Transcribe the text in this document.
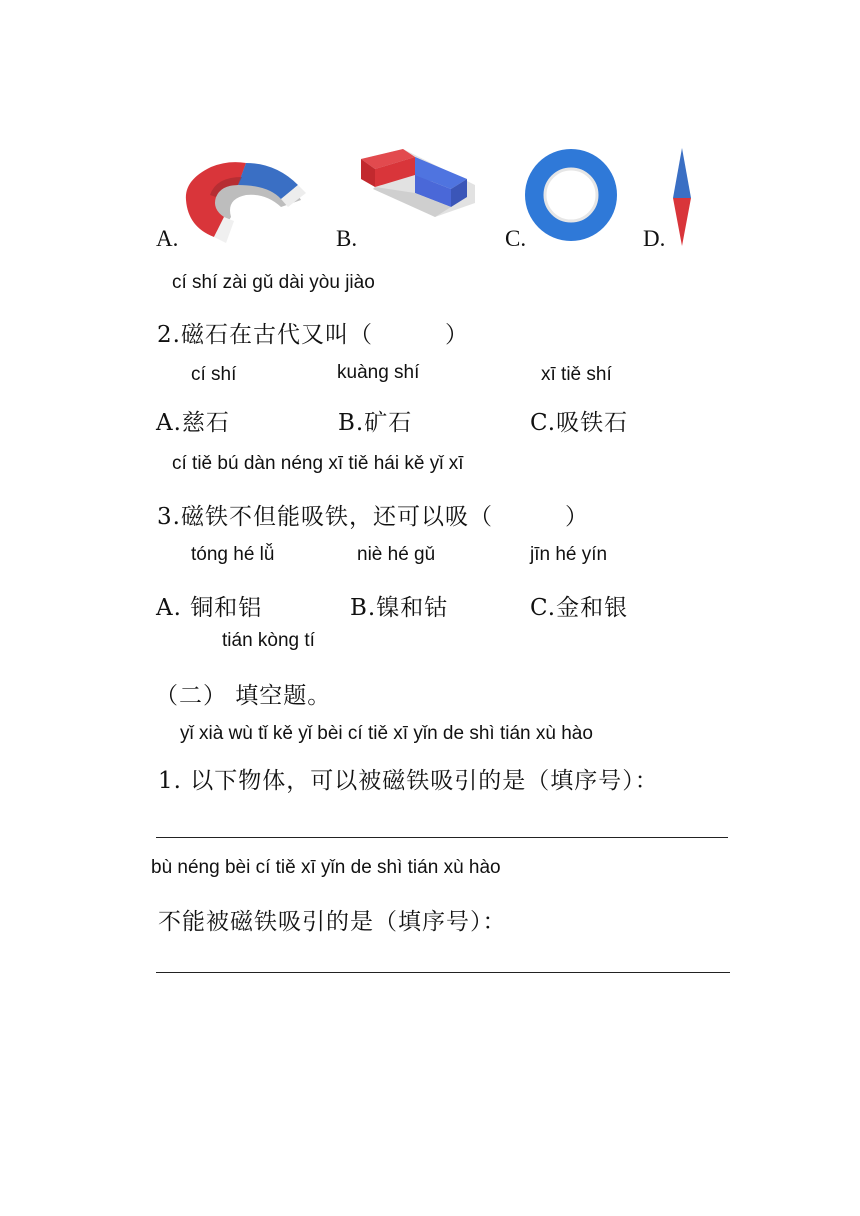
A.	B.	C.	D.
cí shí zài gǔ dài yòu jiào
2.磁石在古代又叫（　　　）
cí shí	kuàng shí	xī tiě shí
A.慈石	B.矿石	C.吸铁石
cí tiě bú dàn néng xī tiě hái kě yǐ xī
3.磁铁不但能吸铁，还可以吸（　　　）
tóng hé lǚ	niè hé gǔ	jīn hé yín
A. 铜和铝	B.镍和钴	C.金和银
tián kòng tí
（二） 填空题。
yǐ xià wù tǐ kě yǐ bèi cí tiě xī yǐn de shì tián xù hào
1. 以下物体，可以被磁铁吸引的是（填序号）：
bù néng bèi cí tiě xī yǐn de shì tián xù hào
不能被磁铁吸引的是（填序号）：
